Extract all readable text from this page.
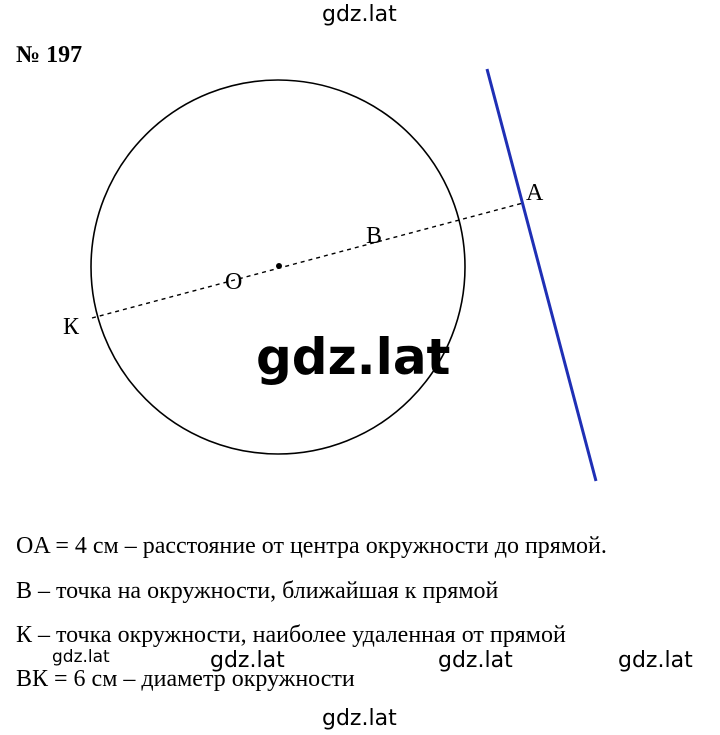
gdz.lat
№ 197
A
B
O
К
gdz.lat
OA = 4 см – расстояние от центра окружности до прямой.
B – точка на окружности, ближайшая к прямой
К – точка окружности, наиболее удаленная от прямой
ВК = 6 см – диаметр окружности
gdz.lat	gdz.lat	gdz.lat	gdz.lat
gdz.lat
